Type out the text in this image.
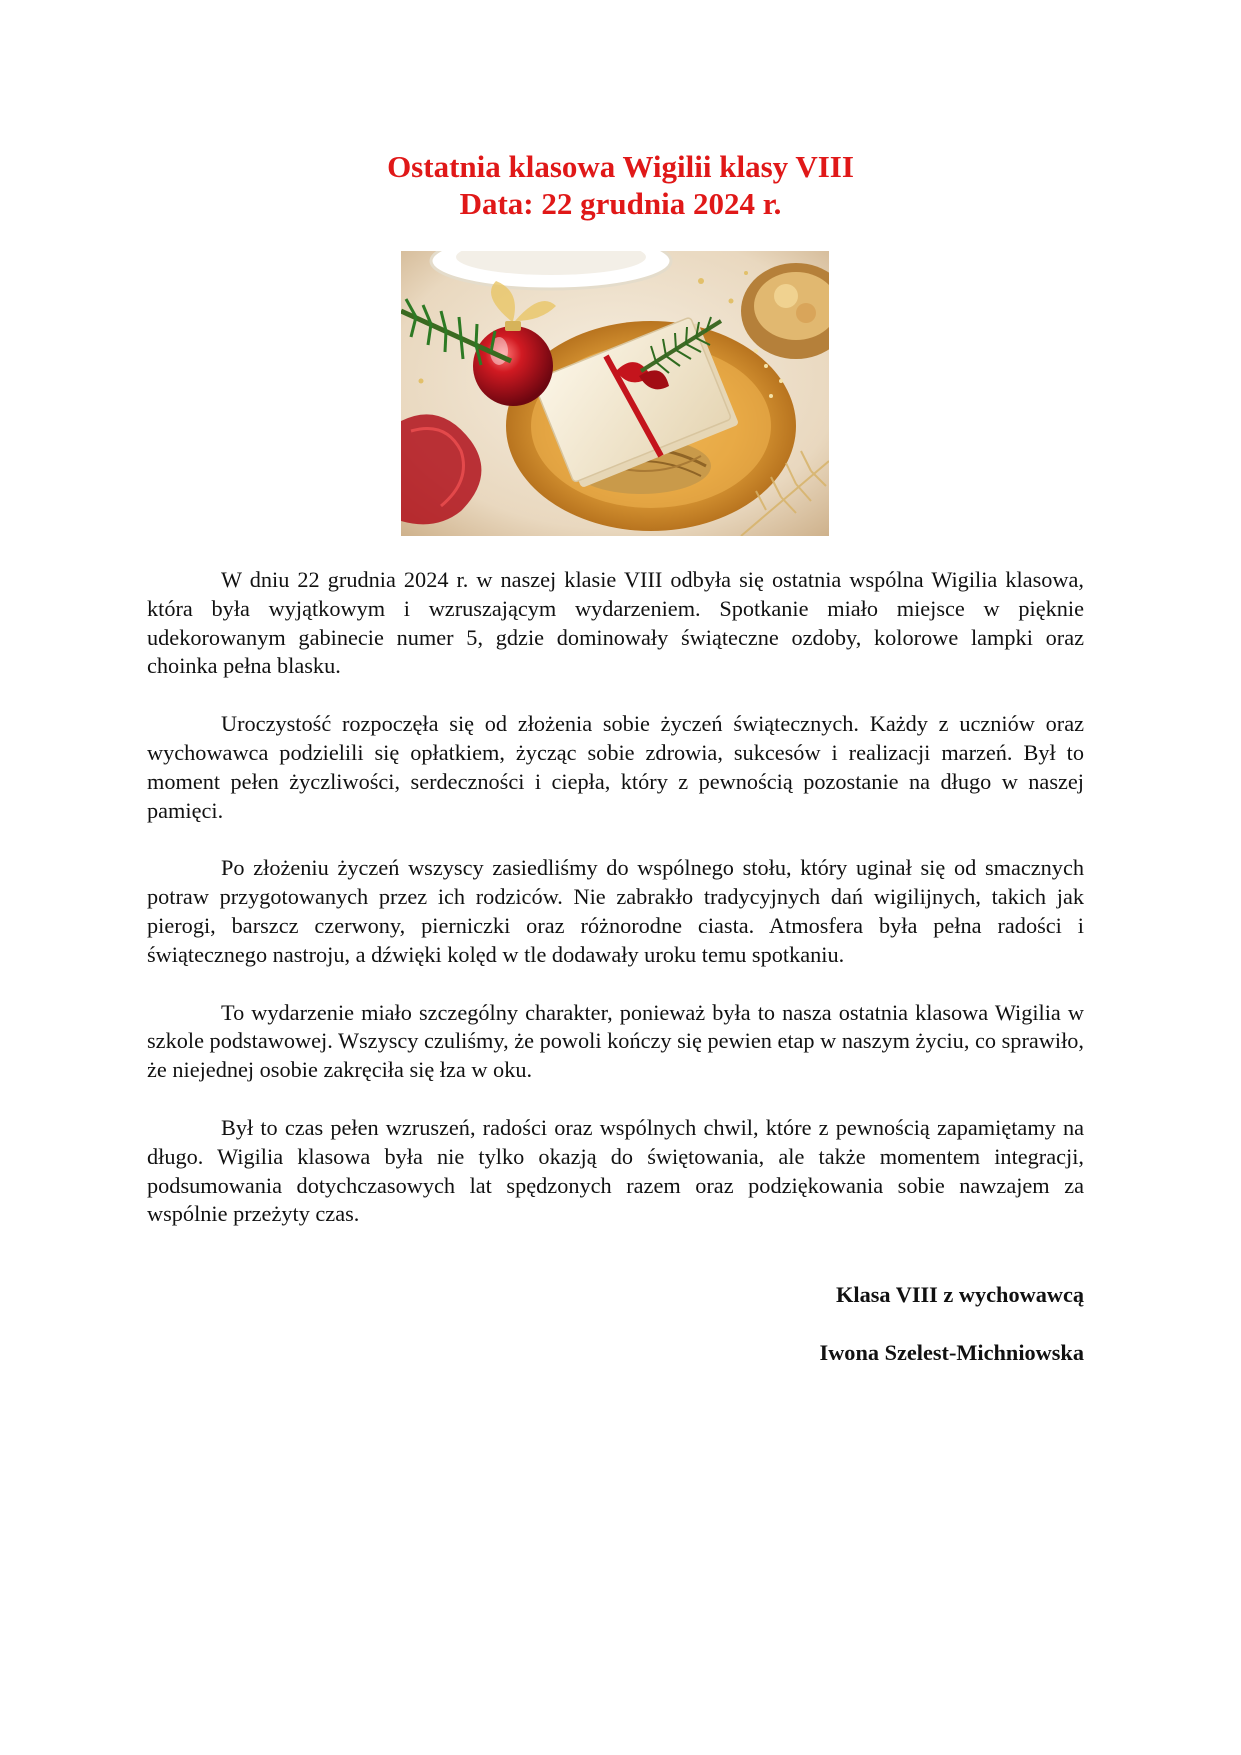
Ostatnia klasowa Wigilii klasy VIII
Data: 22 grudnia 2024 r.

W dniu 22 grudnia 2024 r. w naszej klasie VIII odbyła się ostatnia wspólna Wigilia klasowa, która była wyjątkowym i wzruszającym wydarzeniem. Spotkanie miało miejsce w pięknie udekorowanym gabinecie numer 5, gdzie dominowały świąteczne ozdoby, kolorowe lampki oraz choinka pełna blasku.

Uroczystość rozpoczęła się od złożenia sobie życzeń świątecznych. Każdy z uczniów oraz wychowawca podzielili się opłatkiem, życząc sobie zdrowia, sukcesów i realizacji marzeń. Był to moment pełen życzliwości, serdeczności i ciepła, który z pewnością pozostanie na długo w naszej pamięci.

Po złożeniu życzeń wszyscy zasiedliśmy do wspólnego stołu, który uginał się od smacznych potraw przygotowanych przez ich rodziców. Nie zabrakło tradycyjnych dań wigilijnych, takich jak pierogi, barszcz czerwony, pierniczki oraz różnorodne ciasta. Atmosfera była pełna radości i świątecznego nastroju, a dźwięki kolęd w tle dodawały uroku temu spotkaniu.

To wydarzenie miało szczególny charakter, ponieważ była to nasza ostatnia klasowa Wigilia w szkole podstawowej. Wszyscy czuliśmy, że powoli kończy się pewien etap w naszym życiu, co sprawiło, że niejednej osobie zakręciła się łza w oku.

Był to czas pełen wzruszeń, radości oraz wspólnych chwil, które z pewnością zapamiętamy na długo. Wigilia klasowa była nie tylko okazją do świętowania, ale także momentem integracji, podsumowania dotychczasowych lat spędzonych razem oraz podziękowania sobie nawzajem za wspólnie przeżyty czas.

Klasa VIII z wychowawcą
Iwona Szelest-Michniowska
